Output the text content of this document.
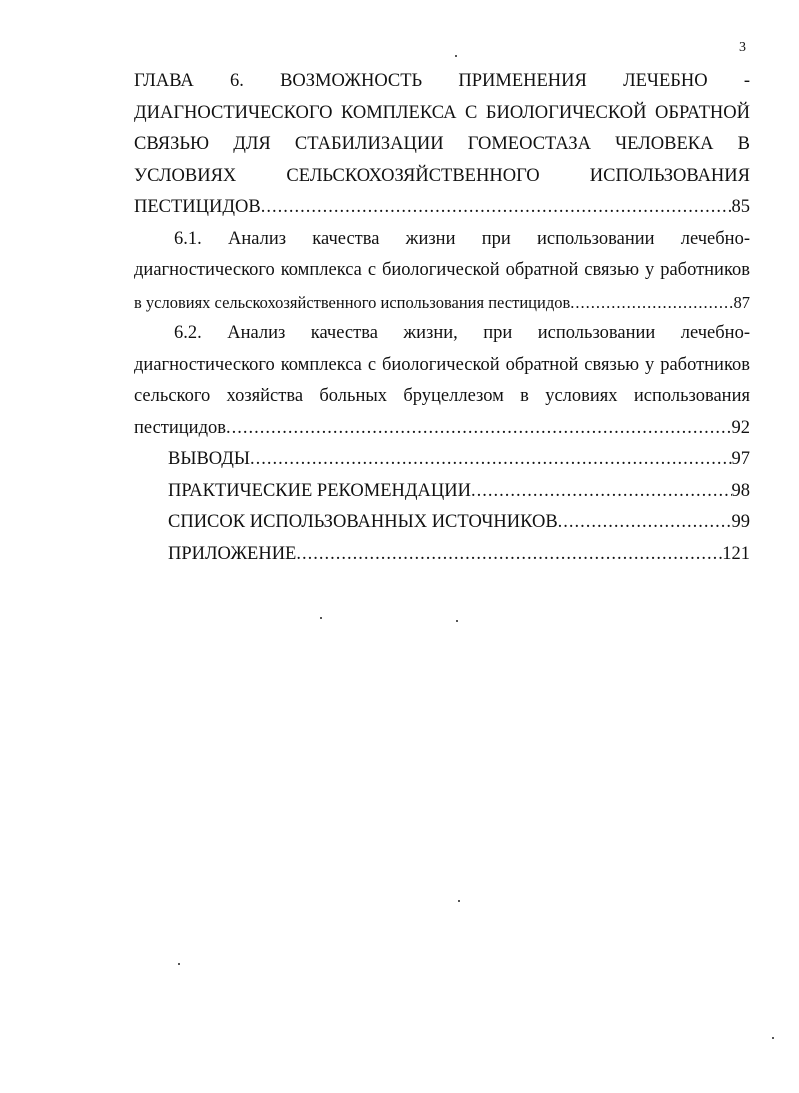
3
ГЛАВА 6. ВОЗМОЖНОСТЬ ПРИМЕНЕНИЯ ЛЕЧЕБНО -
ДИАГНОСТИЧЕСКОГО КОМПЛЕКСА С БИОЛОГИЧЕСКОЙ ОБРАТНОЙ
СВЯЗЬЮ ДЛЯ СТАБИЛИЗАЦИИ ГОМЕОСТАЗА ЧЕЛОВЕКА В
УСЛОВИЯХ СЕЛЬСКОХОЗЯЙСТВЕННОГО ИСПОЛЬЗОВАНИЯ
ПЕСТИЦИДОВ .....	85
6.1. Анализ качества жизни при использовании лечебно-
диагностического комплекса с биологической обратной связью у работников
в условиях сельскохозяйственного использования пестицидов .....	87
6.2. Анализ качества жизни, при использовании лечебно-
диагностического комплекса с биологической обратной связью у работников
сельского хозяйства больных бруцеллезом в условиях использования
пестицидов .....	92
ВЫВОДЫ .....	97
ПРАКТИЧЕСКИЕ РЕКОМЕНДАЦИИ .....	98
СПИСОК ИСПОЛЬЗОВАННЫХ ИСТОЧНИКОВ .....	99
ПРИЛОЖЕНИЕ .....	121
